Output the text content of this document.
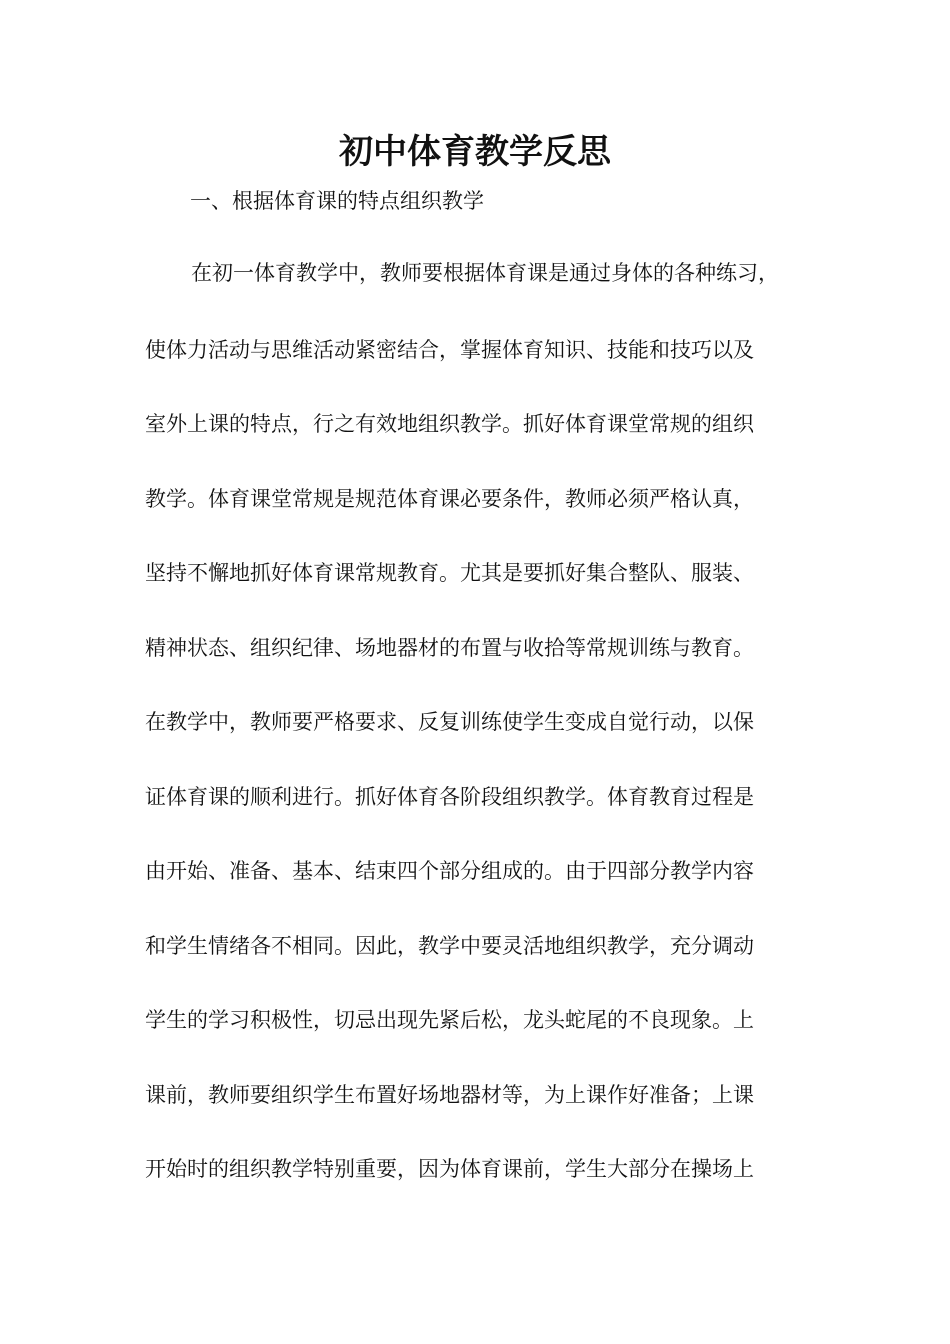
初中体育教学反思

一、根据体育课的特点组织教学

在初一体育教学中，教师要根据体育课是通过身体的各种练习，
使体力活动与思维活动紧密结合，掌握体育知识、技能和技巧以及
室外上课的特点，行之有效地组织教学。抓好体育课堂常规的组织
教学。体育课堂常规是规范体育课必要条件，教师必须严格认真，
坚持不懈地抓好体育课常规教育。尤其是要抓好集合整队、服装、
精神状态、组织纪律、场地器材的布置与收拾等常规训练与教育。
在教学中，教师要严格要求、反复训练使学生变成自觉行动，以保
证体育课的顺利进行。抓好体育各阶段组织教学。体育教育过程是
由开始、准备、基本、结束四个部分组成的。由于四部分教学内容
和学生情绪各不相同。因此，教学中要灵活地组织教学，充分调动
学生的学习积极性，切忌出现先紧后松，龙头蛇尾的不良现象。上
课前，教师要组织学生布置好场地器材等，为上课作好准备；上课
开始时的组织教学特别重要，因为体育课前，学生大部分在操场上
